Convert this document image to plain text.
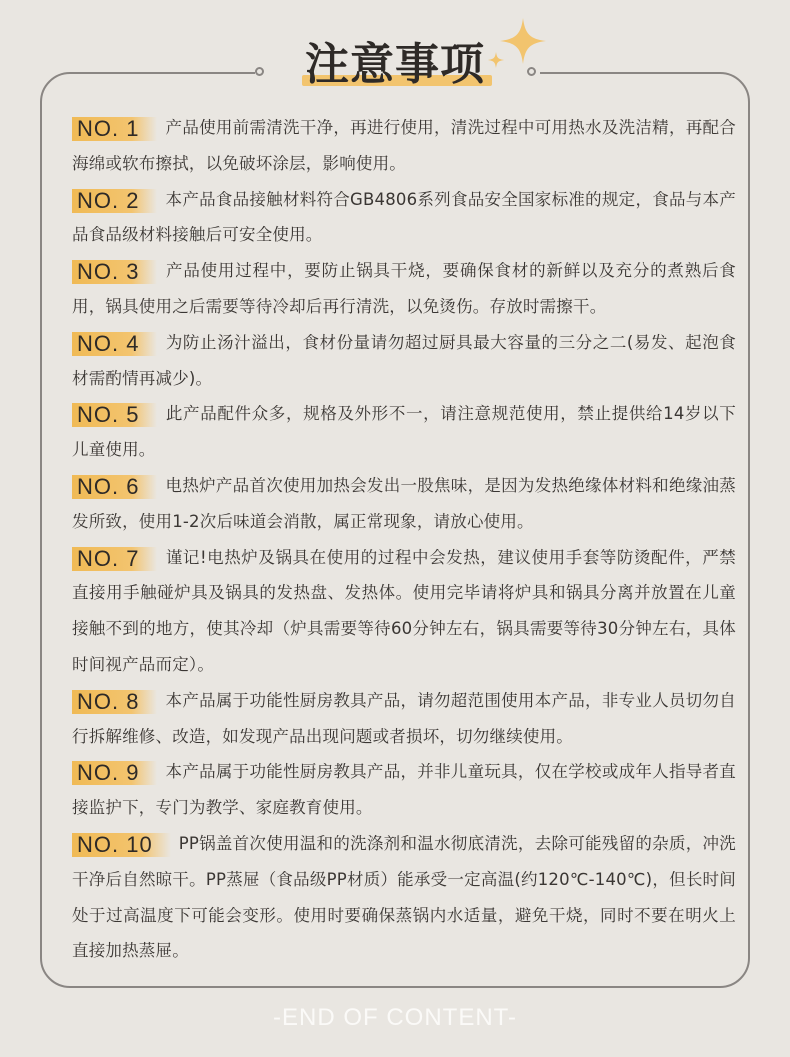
注意事项
NO. 1 产品使用前需清洗干净，再进行使用，清洗过程中可用热水及洗洁精，再配合海绵或软布擦拭，以免破坏涂层，影响使用。
NO. 2 本产品食品接触材料符合GB4806系列食品安全国家标准的规定，食品与本产品食品级材料接触后可安全使用。
NO. 3 产品使用过程中，要防止锅具干烧，要确保食材的新鲜以及充分的煮熟后食用，锅具使用之后需要等待冷却后再行清洗，以免烫伤。存放时需擦干。
NO. 4 为防止汤汁溢出，食材份量请勿超过厨具最大容量的三分之二(易发、起泡食材需酌情再减少)。
NO. 5 此产品配件众多，规格及外形不一，请注意规范使用，禁止提供给14岁以下儿童使用。
NO. 6 电热炉产品首次使用加热会发出一股焦味，是因为发热绝缘体材料和绝缘油蒸发所致，使用1-2次后味道会消散，属正常现象，请放心使用。
NO. 7 谨记!电热炉及锅具在使用的过程中会发热，建议使用手套等防烫配件，严禁直接用手触碰炉具及锅具的发热盘、发热体。使用完毕请将炉具和锅具分离并放置在儿童接触不到的地方，使其冷却（炉具需要等待60分钟左右，锅具需要等待30分钟左右，具体时间视产品而定）。
NO. 8 本产品属于功能性厨房教具产品，请勿超范围使用本产品，非专业人员切勿自行拆解维修、改造，如发现产品出现问题或者损坏，切勿继续使用。
NO. 9 本产品属于功能性厨房教具产品，并非儿童玩具，仅在学校或成年人指导者直接监护下，专门为教学、家庭教育使用。
NO. 10 PP锅盖首次使用温和的洗涤剂和温水彻底清洗，去除可能残留的杂质，冲洗干净后自然晾干。PP蒸屉（食品级PP材质）能承受一定高温(约120℃-140℃)，但长时间处于过高温度下可能会变形。使用时要确保蒸锅内水适量，避免干烧，同时不要在明火上直接加热蒸屉。
-END OF CONTENT-
